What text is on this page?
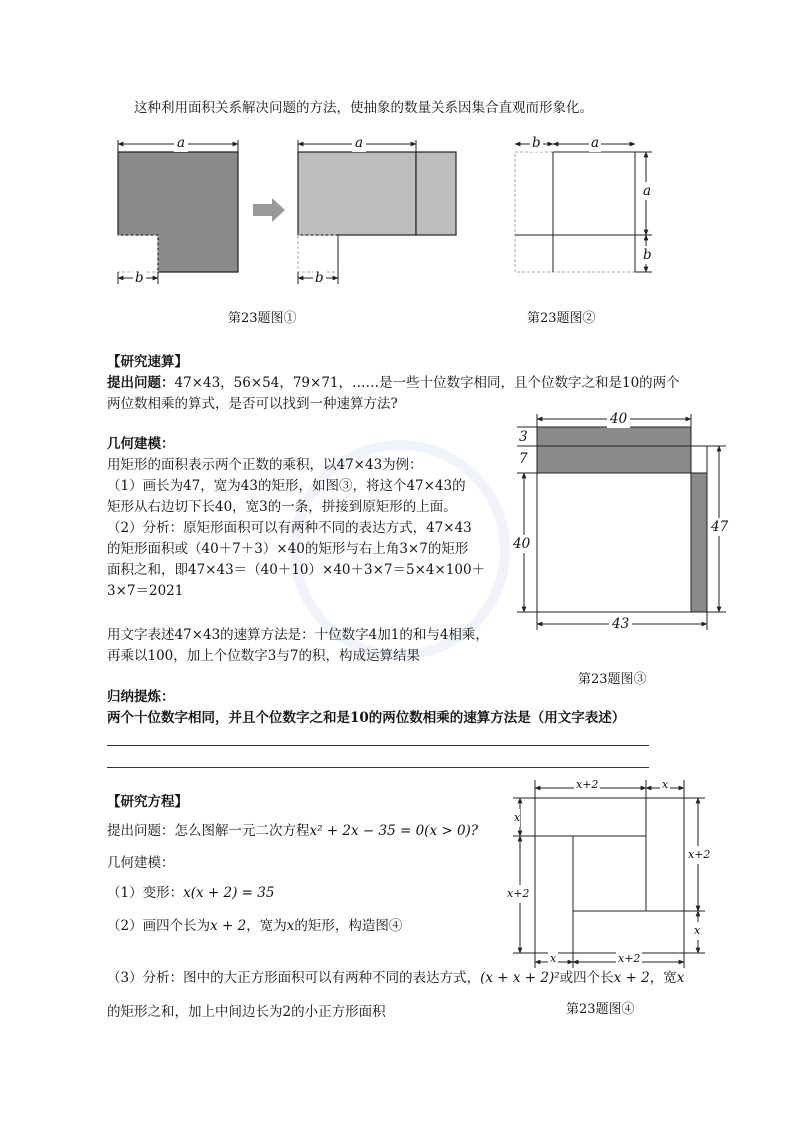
这种利用面积关系解决问题的方法，使抽象的数量关系因集合直观而形象化。
a
b
a
b
第23题图①
b	a
a
b
第23题图②
【研究速算】
提出问题：47×43，56×54，79×71，……是一些十位数字相同，且个位数字之和是10的两个
两位数相乘的算式，是否可以找到一种速算方法?
几何建模：
用矩形的面积表示两个正数的乘积，以47×43为例：
（1）画长为47，宽为43的矩形，如图③，将这个47×43的
矩形从右边切下长40，宽3的一条，拼接到原矩形的上面。
（2）分析：原矩形面积可以有两种不同的表达方式，47×43
的矩形面积或（40＋7＋3）×40的矩形与右上角3×7的矩形
面积之和，即47×43＝（40＋10）×40＋3×7＝5×4×100＋
3×7＝2021
用文字表述47×43的速算方法是：十位数字4加1的和与4相乘，
再乘以100，加上个位数字3与7的积，构成运算结果
40
3
7
40
47
43
第23题图③
归纳提炼：
两个十位数字相同，并且个位数字之和是10的两位数相乘的速算方法是（用文字表述）
【研究方程】
提出问题：怎么图解一元二次方程x² + 2x − 35 = 0(x > 0)?
几何建模：
（1）变形：x(x + 2) = 35
（2）画四个长为x + 2，宽为x的矩形，构造图④
（3）分析：图中的大正方形面积可以有两种不同的表达方式，(x + x + 2)²或四个长x + 2，宽x
的矩形之和，加上中间边长为2的小正方形面积
x+2	x
x
x+2
x+2
x
x	x+2
第23题图④
